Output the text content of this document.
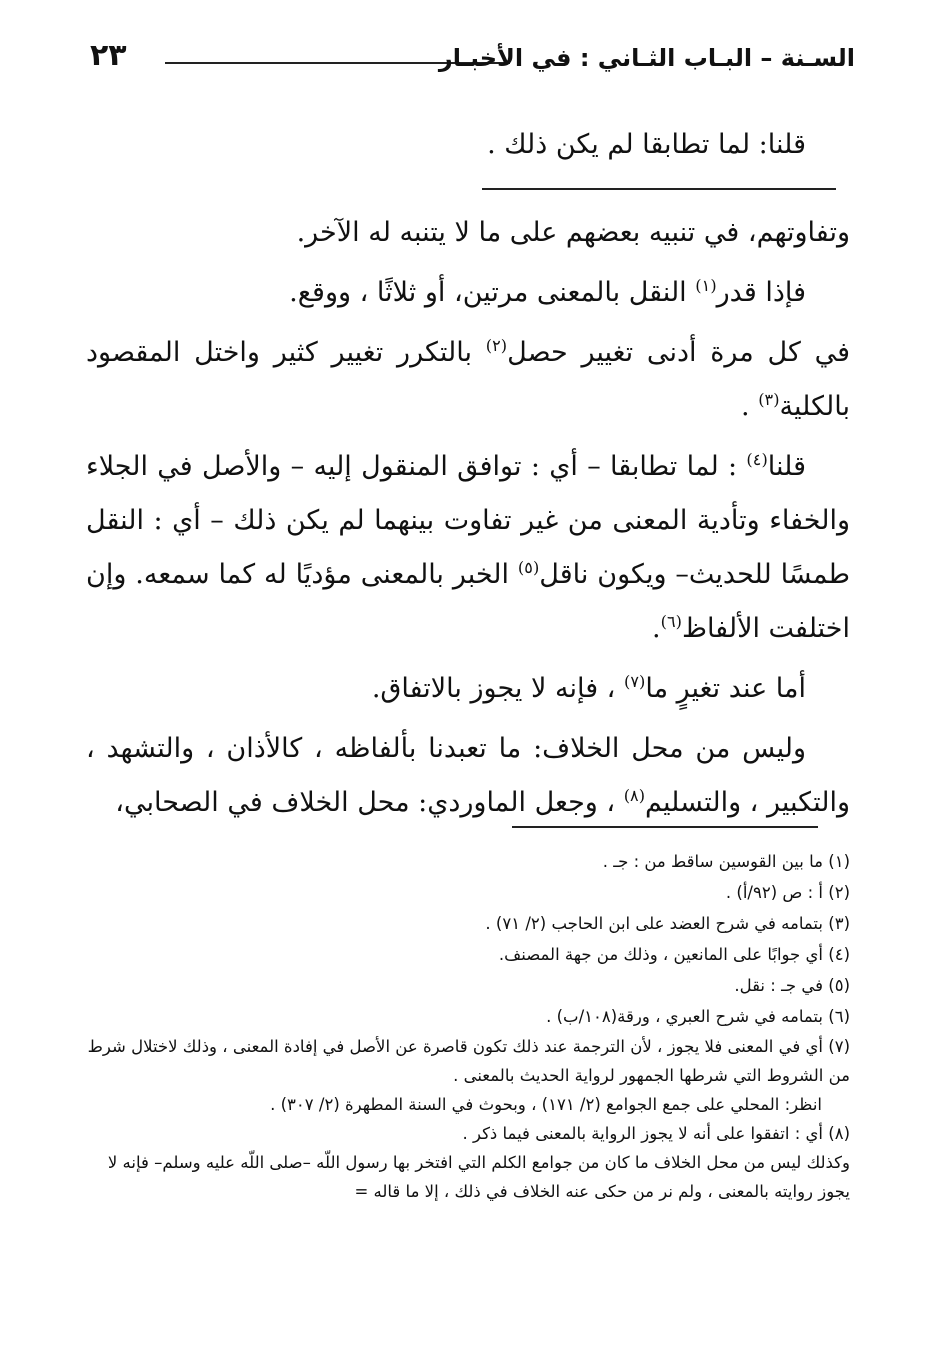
٢٣	السـنة – البـاب الثـاني : في الأخبـار

قلنا: لما تطابقا لم يكن ذلك .

وتفاوتهم، في تنبيه بعضهم على ما لا يتنبه له الآخر.

فإذا قدر$^{(١)}$ النقل بالمعنى مرتين، أو ثلاثًا ، ووقع.

في كل مرة أدنى تغيير حصل$^{(٢)}$ بالتكرر تغيير كثير واختل المقصود بالكلية$^{(٣)}$ .

قلنا$^{(٤)}$ : لما تطابقا – أي : توافق المنقول إليه – والأصل في الجلاء والخفاء وتأدية المعنى من غير تفاوت بينهما لم يكن ذلك – أي : النقل طمسًا للحديث– ويكون ناقل$^{(٥)}$ الخبر بالمعنى مؤديًا له كما سمعه. وإن اختلفت الألفاظ$^{(٦)}$.

أما عند تغيرٍ ما$^{(٧)}$ ، فإنه لا يجوز بالاتفاق.

وليس من محل الخلاف: ما تعبدنا بألفاظه ، كالأذان ، والتشهد ، والتكبير ، والتسليم$^{(٨)}$ ، وجعل الماوردي: محل الخلاف في الصحابي،

(١) ما بين القوسين ساقط من : جـ .

(٢) أ : ص (٩٢/أ) .

(٣) بتمامه في شرح العضد على ابن الحاجب (٢/ ٧١) .

(٤) أي جوابًا على المانعين ، وذلك من جهة المصنف.

(٥) في جـ : نقل.

(٦) بتمامه في شرح العبري ، ورقة(١٠٨/ب) .

(٧) أي في المعنى فلا يجوز ، لأن الترجمة عند ذلك تكون قاصرة عن الأصل في إفادة المعنى ، وذلك لاختلال شرط من الشروط التي شرطها الجمهور لرواية الحديث بالمعنى .

انظر: المحلي على جمع الجوامع (٢/ ١٧١) ، وبحوث في السنة المطهرة (٢/ ٣٠٧) .

(٨) أي : اتفقوا على أنه لا يجوز الرواية بالمعنى فيما ذكر .

وكذلك ليس من محل الخلاف ما كان من جوامع الكلم التي افتخر بها رسول اللّه –صلى اللّه عليه وسلم– فإنه لا يجوز روايته بالمعنى ، ولم نر من حكى عنه الخلاف في ذلك ، إلا ما قاله =
